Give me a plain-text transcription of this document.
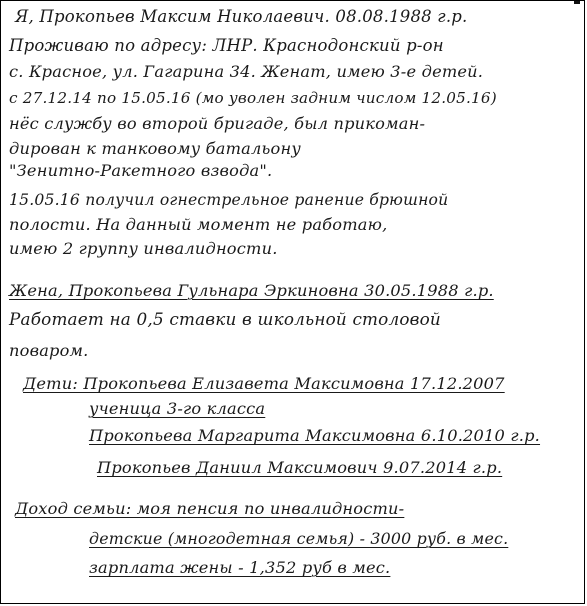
Я, Прокопьев Максим Николаевич. 08.08.1988 г.р.
Проживаю по адресу: ЛНР. Краснодонский р-он
с. Красное, ул. Гагарина 34. Женат, имею 3-е детей.
с 27.12.14 по 15.05.16 (мо уволен задним числом 12.05.16)
нёс службу во второй бригаде, был прикоман-
дирован к танковому батальону
"Зенитно-Ракетного взвода".
15.05.16 получил огнестрельное ранение брюшной
полости. На данный момент не работаю,
имею 2 группу инвалидности.
Жена, Прокопьева Гульнара Эркиновна 30.05.1988 г.р.
Работает на 0,5 ставки в школьной столовой
поваром.
Дети: Прокопьева Елизавета Максимовна 17.12.2007
ученица 3-го класса
Прокопьева Маргарита Максимовна 6.10.2010 г.р.
Прокопьев Даниил Максимович 9.07.2014 г.р.
Доход семьи: моя пенсия по инвалидности-
детские (многодетная семья) - 3000 руб. в мес.
зарплата жены - 1,352 руб в мес.
